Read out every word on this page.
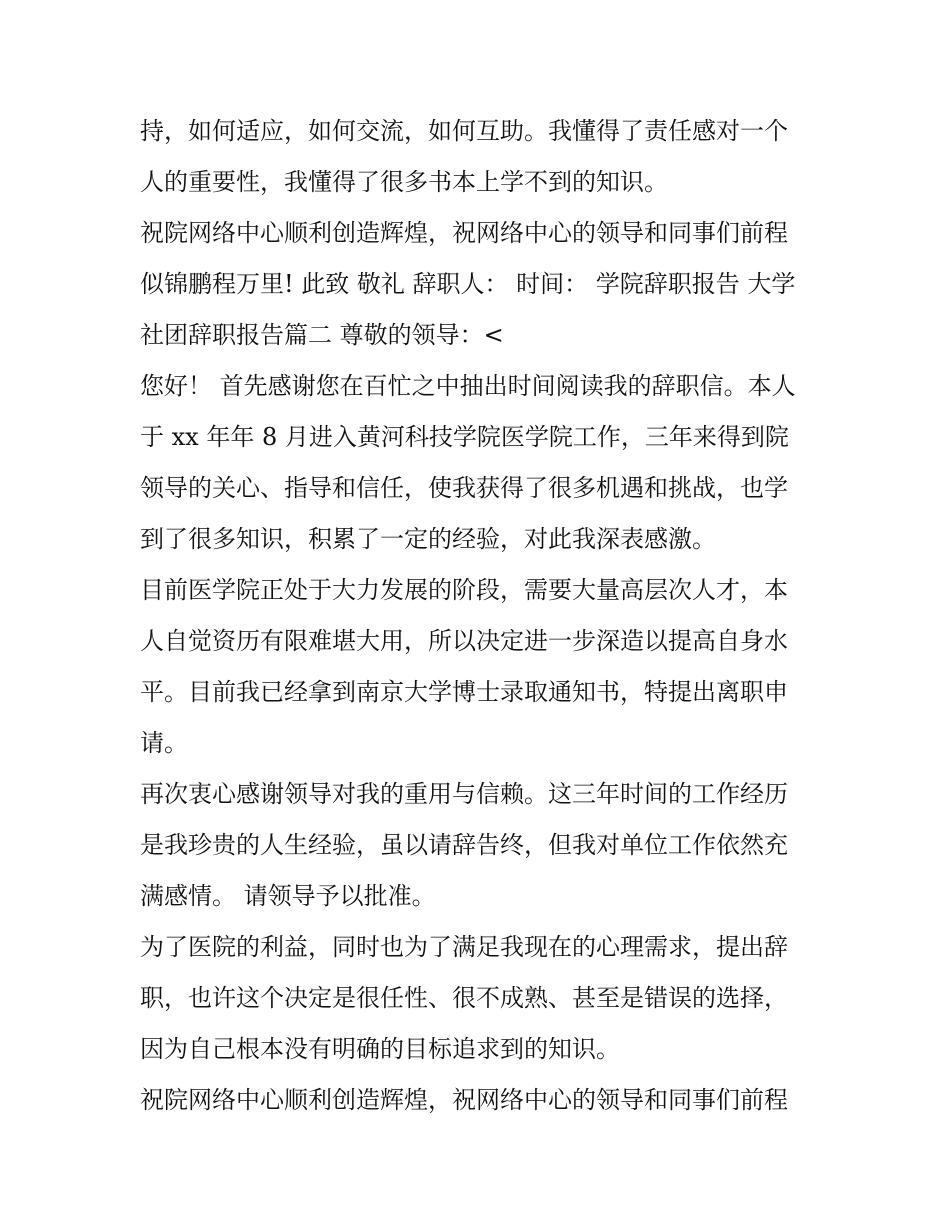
持，如何适应，如何交流，如何互助。我懂得了责任感对一个
人的重要性，我懂得了很多书本上学不到的知识。
祝院网络中心顺利创造辉煌，祝网络中心的领导和同事们前程
似锦鹏程万里! 此致 敬礼 辞职人： 时间： 学院辞职报告 大学
社团辞职报告篇二 尊敬的领导：<
您好！ 首先感谢您在百忙之中抽出时间阅读我的辞职信。本人
于 xx 年年 8 月进入黄河科技学院医学院工作，三年来得到院
领导的关心、指导和信任，使我获得了很多机遇和挑战，也学
到了很多知识，积累了一定的经验，对此我深表感激。
目前医学院正处于大力发展的阶段，需要大量高层次人才，本
人自觉资历有限难堪大用，所以决定进一步深造以提高自身水
平。目前我已经拿到南京大学博士录取通知书，特提出离职申
请。
再次衷心感谢领导对我的重用与信赖。这三年时间的工作经历
是我珍贵的人生经验，虽以请辞告终，但我对单位工作依然充
满感情。 请领导予以批准。
为了医院的利益，同时也为了满足我现在的心理需求，提出辞
职，也许这个决定是很任性、很不成熟、甚至是错误的选择，
因为自己根本没有明确的目标追求到的知识。
祝院网络中心顺利创造辉煌，祝网络中心的领导和同事们前程
